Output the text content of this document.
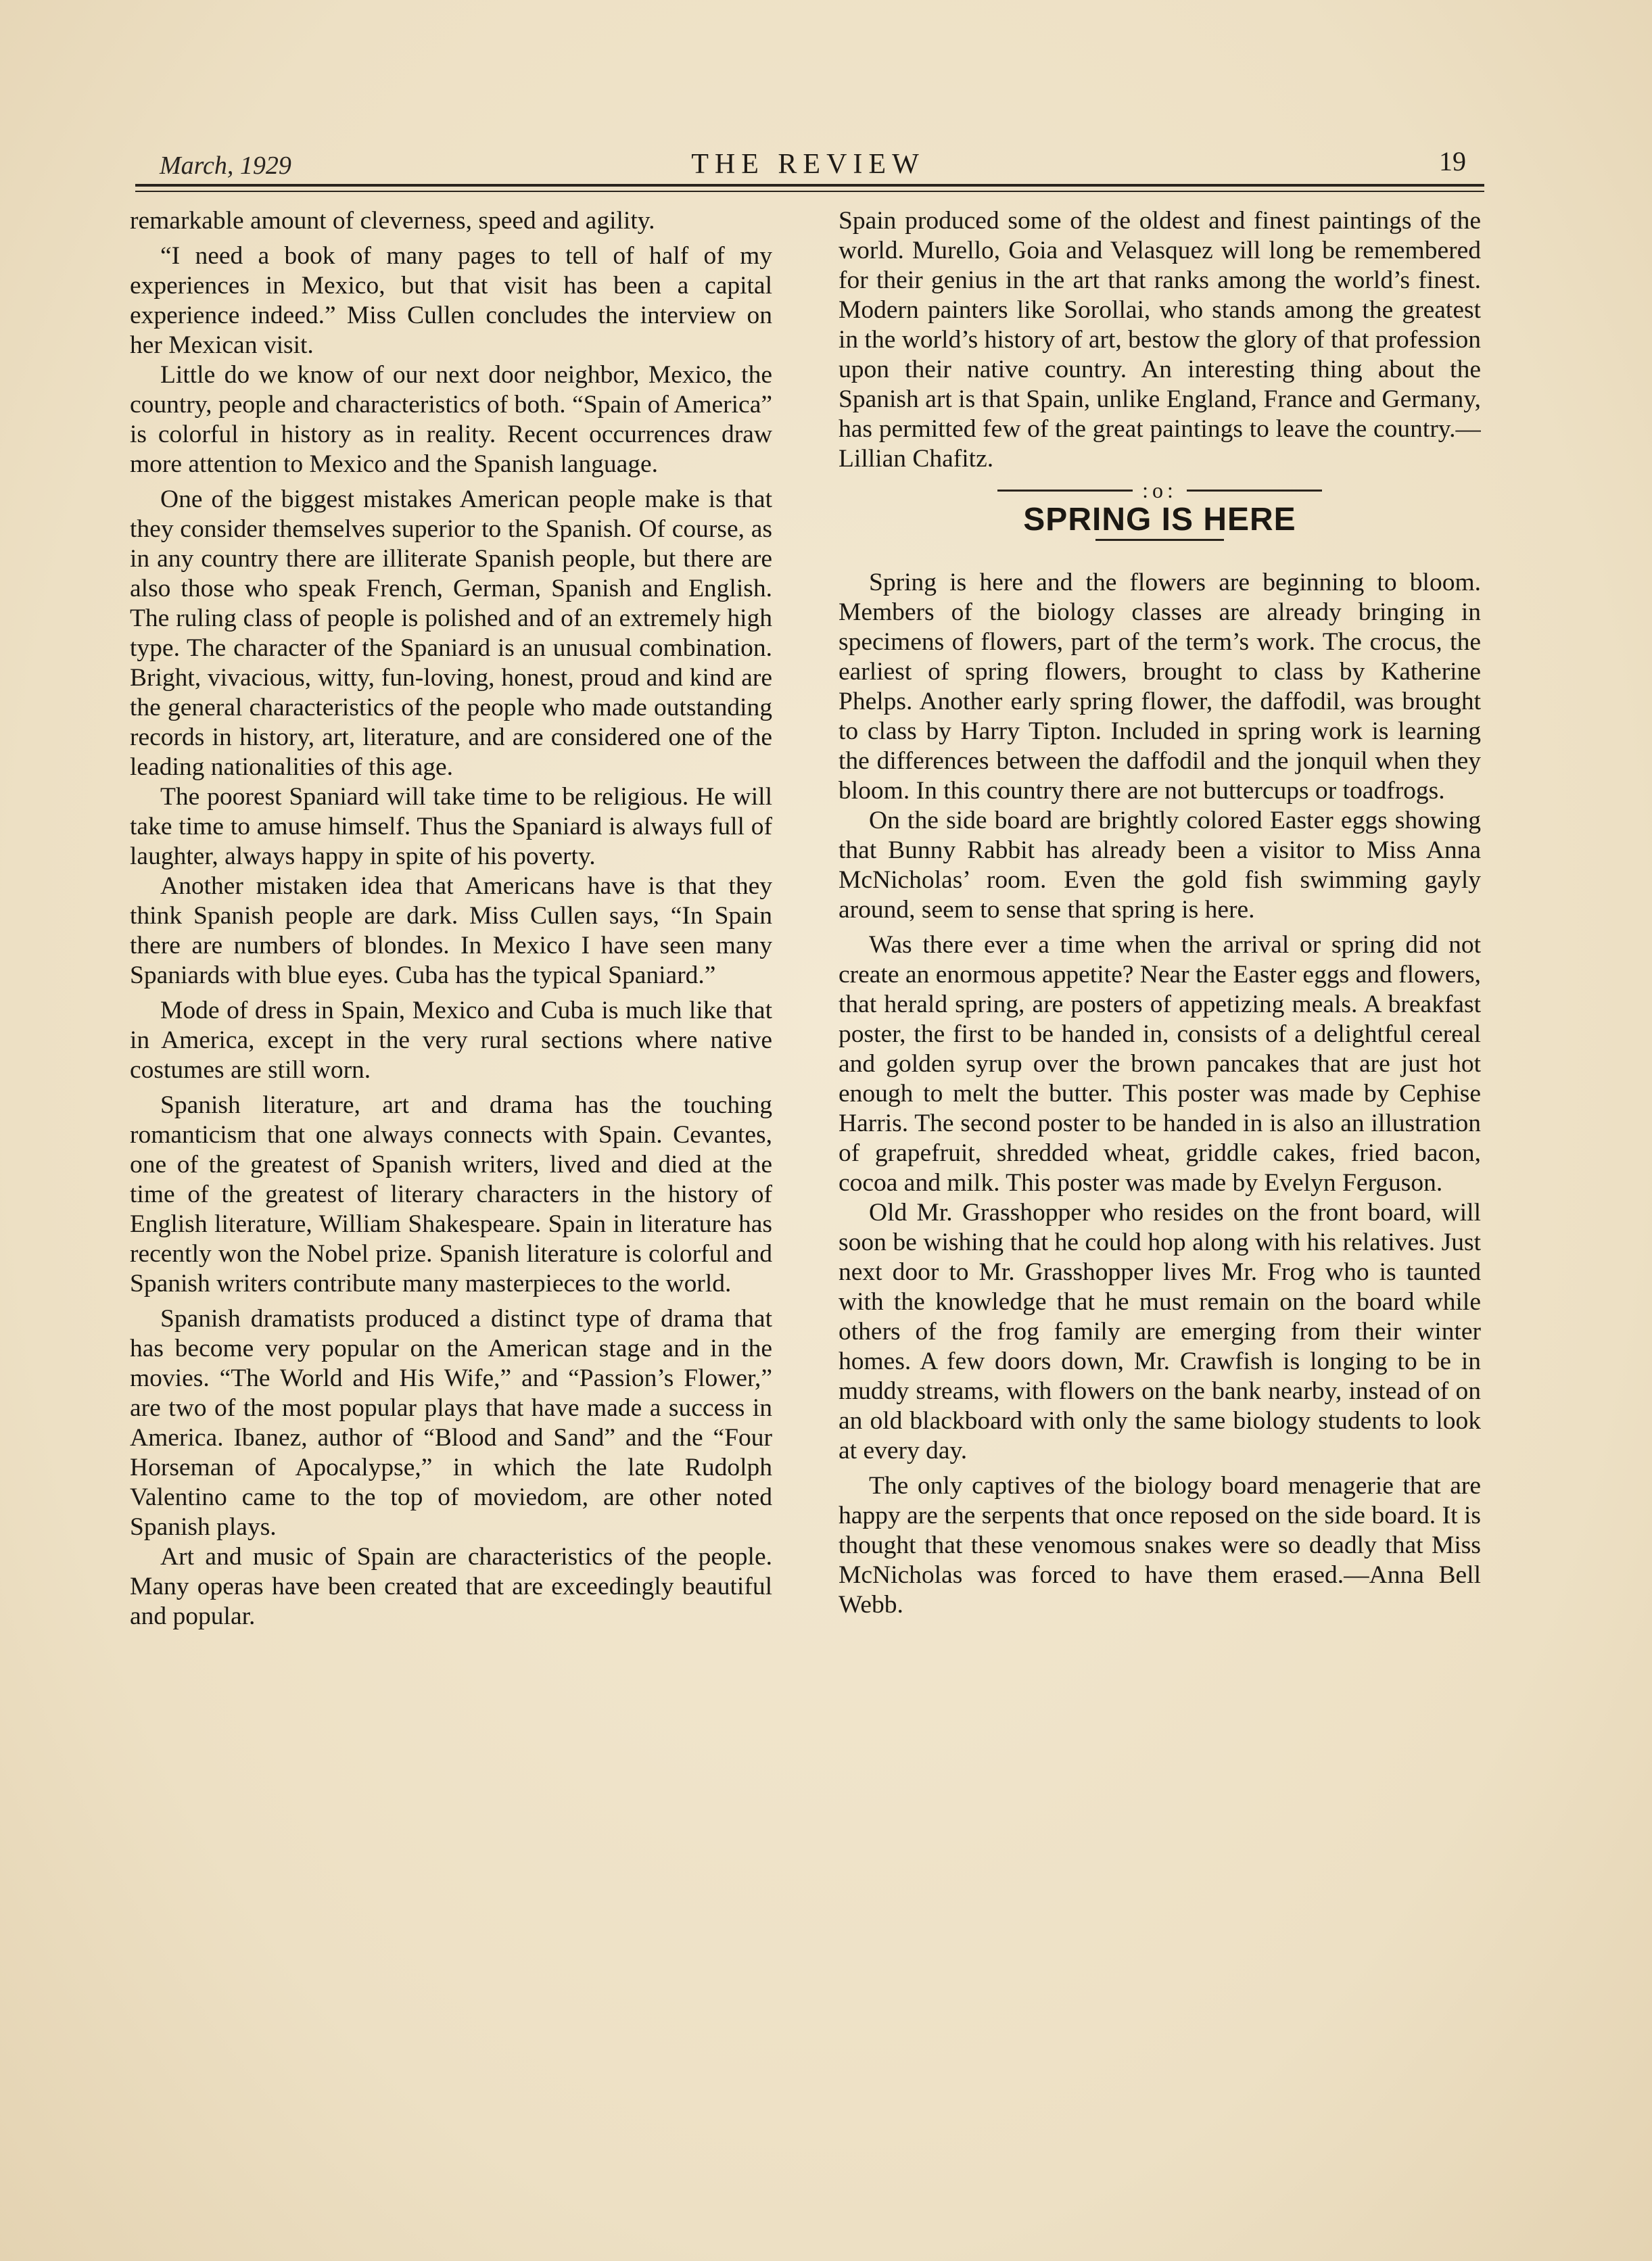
March, 1929	THE REVIEW	19

remarkable amount of cleverness, speed and agility.

“I need a book of many pages to tell of half of my experiences in Mexico, but that visit has been a capital experience indeed.” Miss Cullen concludes the interview on her Mexican visit.

Little do we know of our next door neighbor, Mexico, the country, people and characteristics of both. “Spain of America” is colorful in history as in reality. Recent occurrences draw more attention to Mexico and the Spanish language.

One of the biggest mistakes American people make is that they consider themselves superior to the Spanish. Of course, as in any country there are illiterate Spanish people, but there are also those who speak French, German, Spanish and English. The ruling class of people is polished and of an extremely high type. The character of the Spaniard is an unusual combination. Bright, vivacious, witty, fun-loving, honest, proud and kind are the general characteristics of the people who made outstanding records in history, art, literature, and are considered one of the leading nationalities of this age.

The poorest Spaniard will take time to be religious. He will take time to amuse himself. Thus the Spaniard is always full of laughter, always happy in spite of his poverty.

Another mistaken idea that Americans have is that they think Spanish people are dark. Miss Cullen says, “In Spain there are numbers of blondes. In Mexico I have seen many Spaniards with blue eyes. Cuba has the typical Spaniard.”

Mode of dress in Spain, Mexico and Cuba is much like that in America, except in the very rural sections where native costumes are still worn.

Spanish literature, art and drama has the touching romanticism that one always connects with Spain. Cevantes, one of the greatest of Spanish writers, lived and died at the time of the greatest of literary characters in the history of English literature, William Shakespeare. Spain in literature has recently won the Nobel prize. Spanish literature is colorful and Spanish writers contribute many masterpieces to the world.

Spanish dramatists produced a distinct type of drama that has become very popular on the American stage and in the movies. “The World and His Wife,” and “Passion’s Flower,” are two of the most popular plays that have made a success in America. Ibanez, author of “Blood and Sand” and the “Four Horseman of Apocalypse,” in which the late Rudolph Valentino came to the top of moviedom, are other noted Spanish plays.

Art and music of Spain are characteristics of the people. Many operas have been created that are exceedingly beautiful and popular.

Spain produced some of the oldest and finest paintings of the world. Murello, Goia and Velasquez will long be remembered for their genius in the art that ranks among the world’s finest. Modern painters like Sorollai, who stands among the greatest in the world’s history of art, bestow the glory of that profession upon their native country. An interesting thing about the Spanish art is that Spain, unlike England, France and Germany, has permitted few of the great paintings to leave the country.—Lillian Chafitz.

:o:
SPRING IS HERE

Spring is here and the flowers are beginning to bloom. Members of the biology classes are already bringing in specimens of flowers, part of the term’s work. The crocus, the earliest of spring flowers, brought to class by Katherine Phelps. Another early spring flower, the daffodil, was brought to class by Harry Tipton. Included in spring work is learning the differences between the daffodil and the jonquil when they bloom. In this country there are not buttercups or toadfrogs.

On the side board are brightly colored Easter eggs showing that Bunny Rabbit has already been a visitor to Miss Anna McNicholas’ room. Even the gold fish swimming gayly around, seem to sense that spring is here.

Was there ever a time when the arrival or spring did not create an enormous appetite? Near the Easter eggs and flowers, that herald spring, are posters of appetizing meals. A breakfast poster, the first to be handed in, consists of a delightful cereal and golden syrup over the brown pancakes that are just hot enough to melt the butter. This poster was made by Cephise Harris. The second poster to be handed in is also an illustration of grapefruit, shredded wheat, griddle cakes, fried bacon, cocoa and milk. This poster was made by Evelyn Ferguson.

Old Mr. Grasshopper who resides on the front board, will soon be wishing that he could hop along with his relatives. Just next door to Mr. Grasshopper lives Mr. Frog who is taunted with the knowledge that he must remain on the board while others of the frog family are emerging from their winter homes. A few doors down, Mr. Crawfish is longing to be in muddy streams, with flowers on the bank nearby, instead of on an old blackboard with only the same biology students to look at every day.

The only captives of the biology board menagerie that are happy are the serpents that once reposed on the side board. It is thought that these venomous snakes were so deadly that Miss McNicholas was forced to have them erased.—Anna Bell Webb.
